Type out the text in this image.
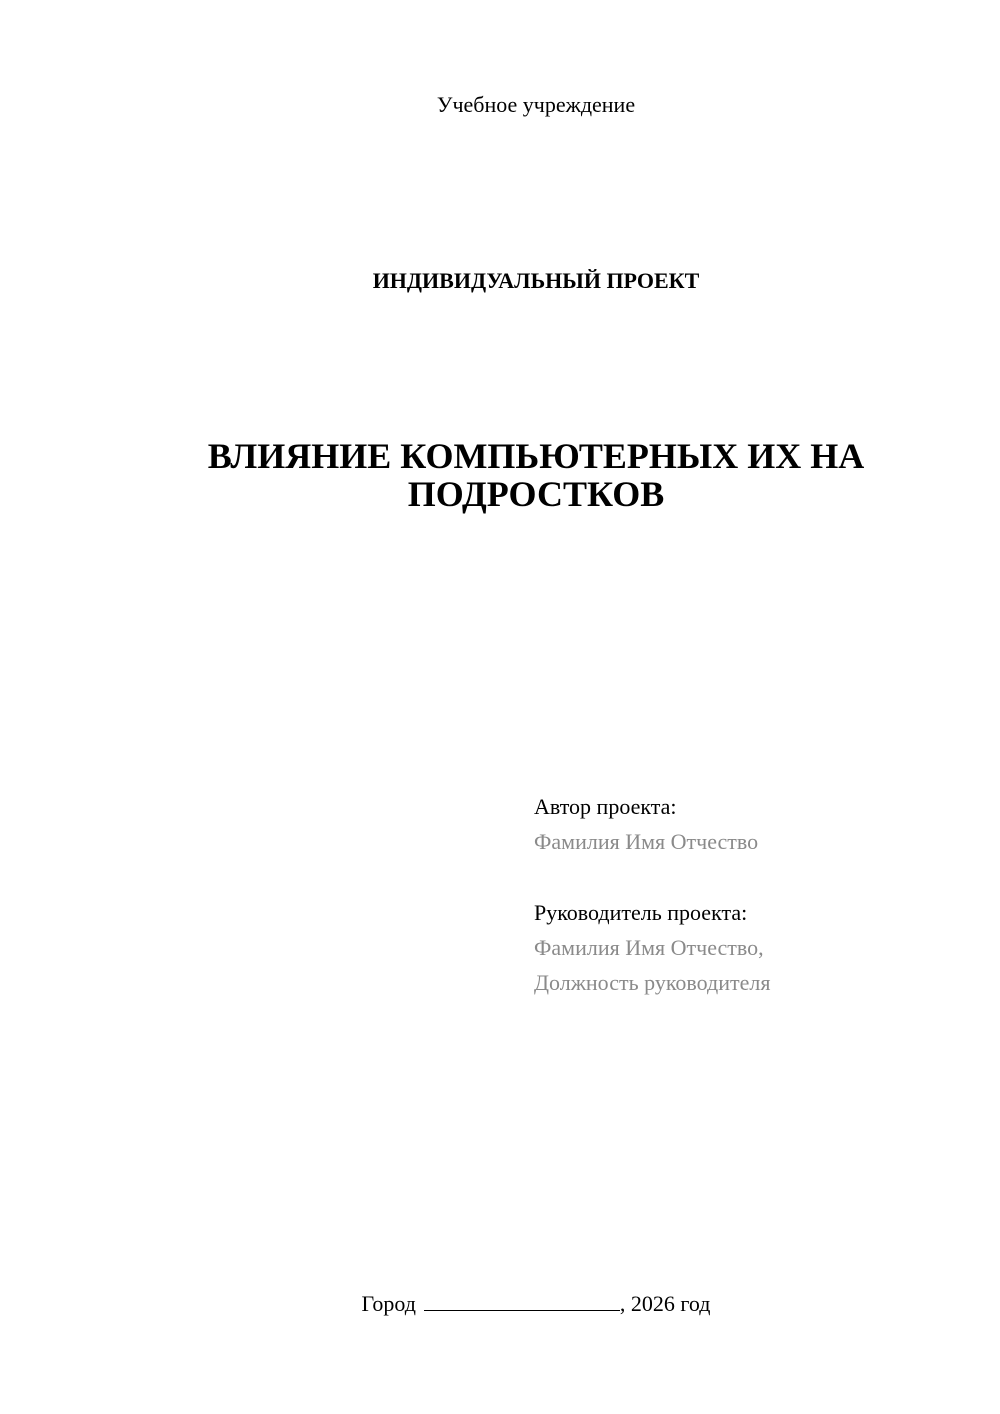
Учебное учреждение
ИНДИВИДУАЛЬНЫЙ ПРОЕКТ
ВЛИЯНИЕ КОМПЬЮТЕРНЫХ ИХ НА
ПОДРОСТКОВ
Автор проекта:
Фамилия Имя Отчество
Руководитель проекта:
Фамилия Имя Отчество,
Должность руководителя
Город	, 2026 год
